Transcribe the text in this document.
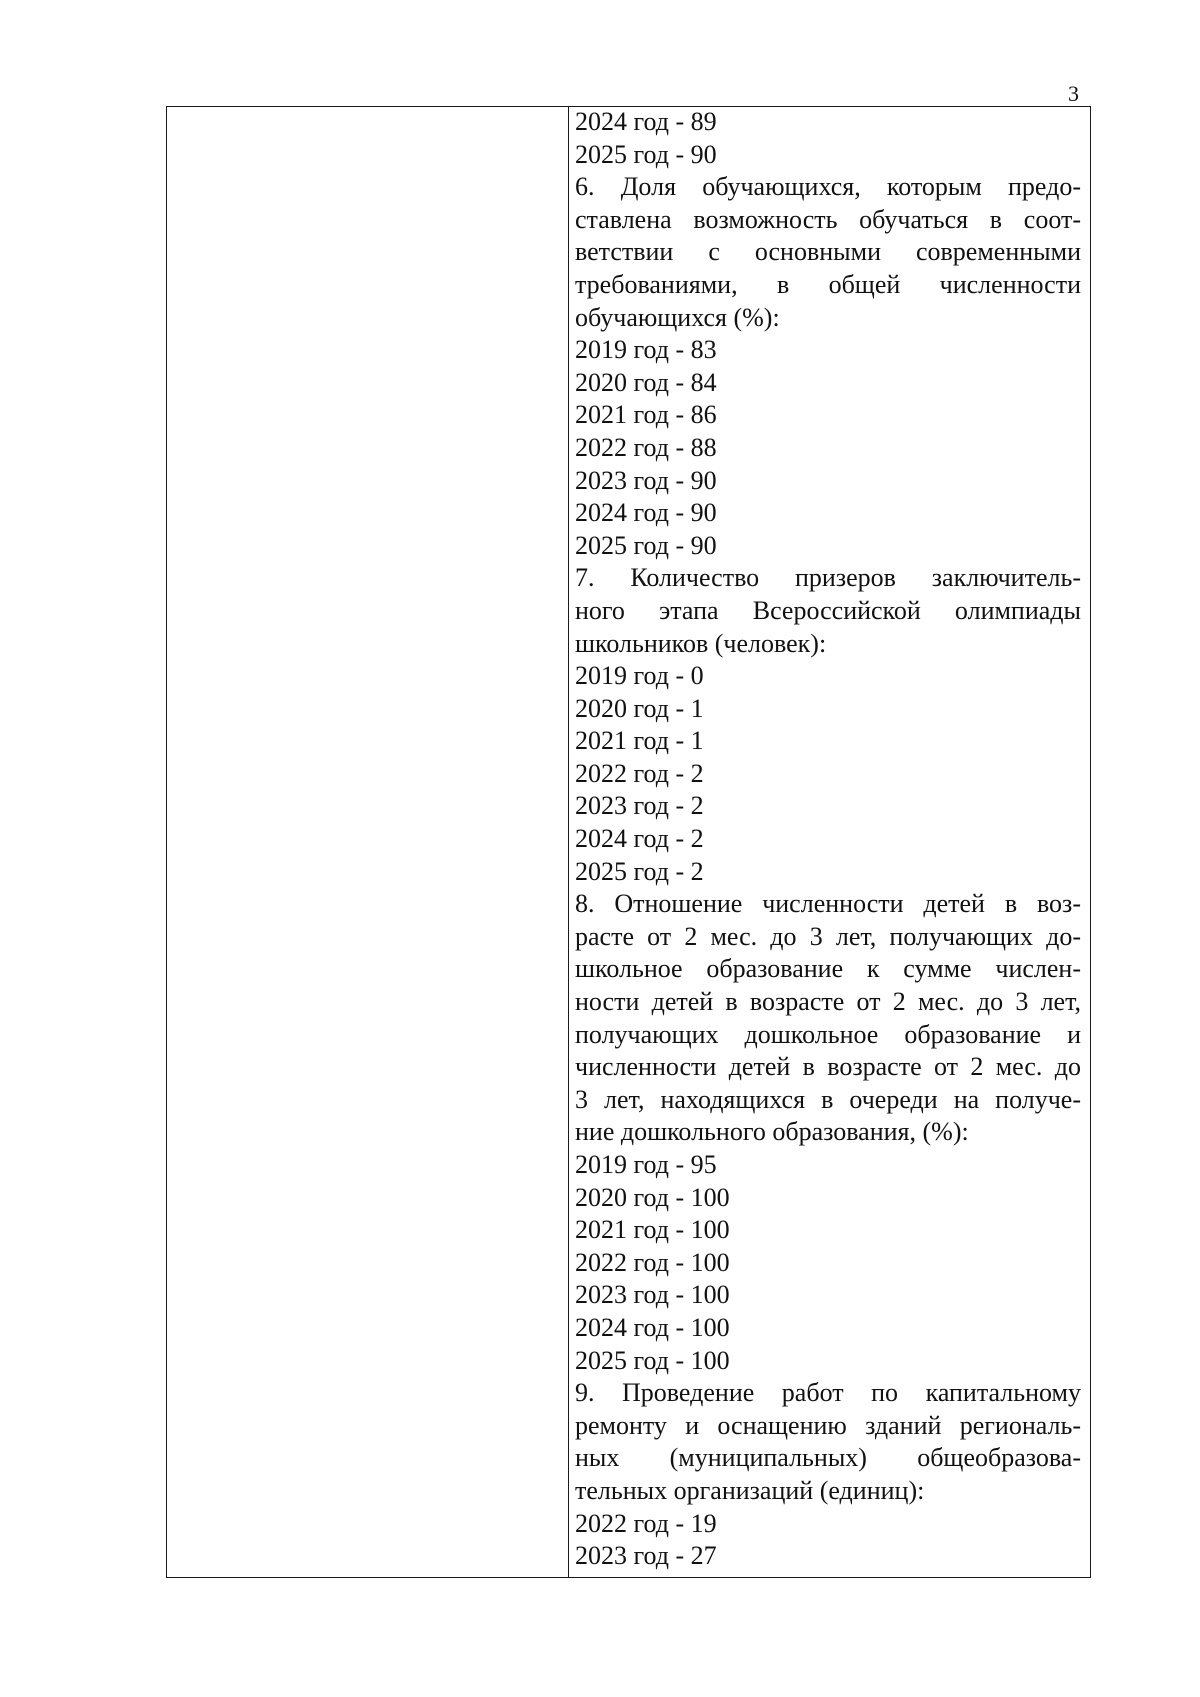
3
2024 год - 89
2025 год - 90
6. Доля обучающихся, которым предо-
ставлена возможность обучаться в соот-
ветствии с основными современными
требованиями, в общей численности
обучающихся (%):
2019 год - 83
2020 год - 84
2021 год - 86
2022 год - 88
2023 год - 90
2024 год - 90
2025 год - 90
7. Количество призеров заключитель-
ного этапа Всероссийской олимпиады
школьников (человек):
2019 год - 0
2020 год - 1
2021 год - 1
2022 год - 2
2023 год - 2
2024 год - 2
2025 год - 2
8. Отношение численности детей в воз-
расте от 2 мес. до 3 лет, получающих до-
школьное образование к сумме числен-
ности детей в возрасте от 2 мес. до 3 лет,
получающих дошкольное образование и
численности детей в возрасте от 2 мес. до
3 лет, находящихся в очереди на получе-
ние дошкольного образования, (%):
2019 год - 95
2020 год - 100
2021 год - 100
2022 год - 100
2023 год - 100
2024 год - 100
2025 год - 100
9. Проведение работ по капитальному
ремонту и оснащению зданий региональ-
ных (муниципальных) общеобразова-
тельных организаций (единиц):
2022 год - 19
2023 год - 27
